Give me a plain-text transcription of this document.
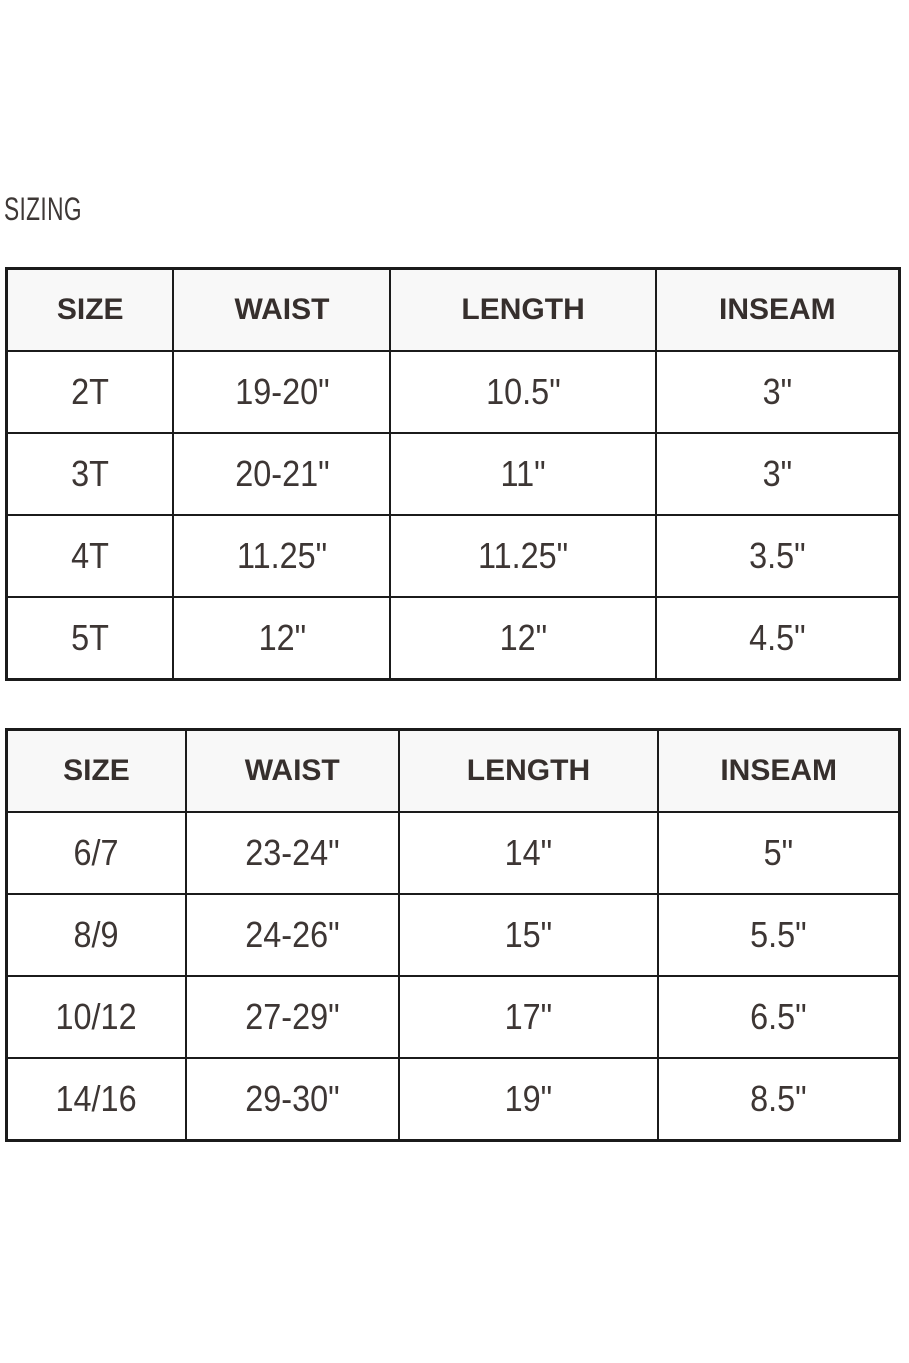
SIZING
SIZE	WAIST	LENGTH	INSEAM
2T	19-20"	10.5"	3"
3T	20-21"	11"	3"
4T	11.25"	11.25"	3.5"
5T	12"	12"	4.5"
SIZE	WAIST	LENGTH	INSEAM
6/7	23-24"	14"	5"
8/9	24-26"	15"	5.5"
10/12	27-29"	17"	6.5"
14/16	29-30"	19"	8.5"
